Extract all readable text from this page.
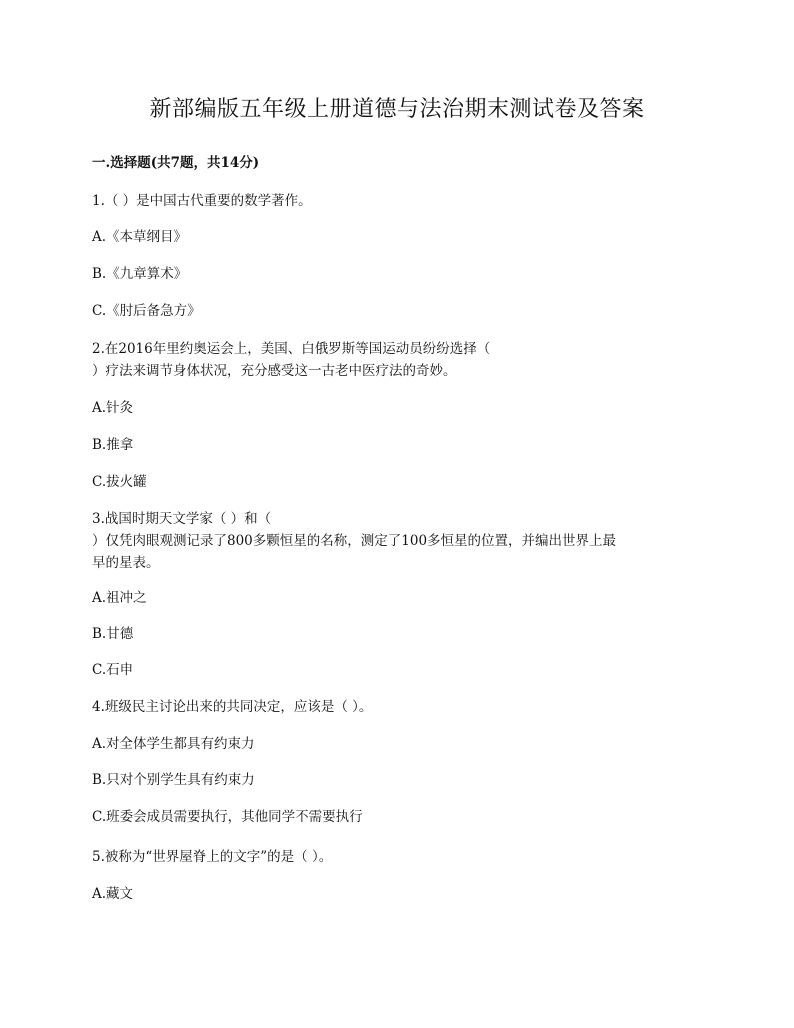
新部编版五年级上册道德与法治期末测试卷及答案
一.选择题(共7题，共14分)
1.（ ）是中国古代重要的数学著作。
A.《本草纲目》
B.《九章算术》
C.《肘后备急方》
2.在2016年里约奥运会上，美国、白俄罗斯等国运动员纷纷选择（
）疗法来调节身体状况，充分感受这一古老中医疗法的奇妙。
A.针灸
B.推拿
C.拔火罐
3.战国时期天文学家（ ）和（
）仅凭肉眼观测记录了800多颗恒星的名称，测定了100多恒星的位置，并编出世界上最
早的星表。
A.祖冲之
B.甘德
C.石申
4.班级民主讨论出来的共同决定，应该是（ ）。
A.对全体学生都具有约束力
B.只对个别学生具有约束力
C.班委会成员需要执行，其他同学不需要执行
5.被称为“世界屋脊上的文字”的是（ ）。
A.藏文
